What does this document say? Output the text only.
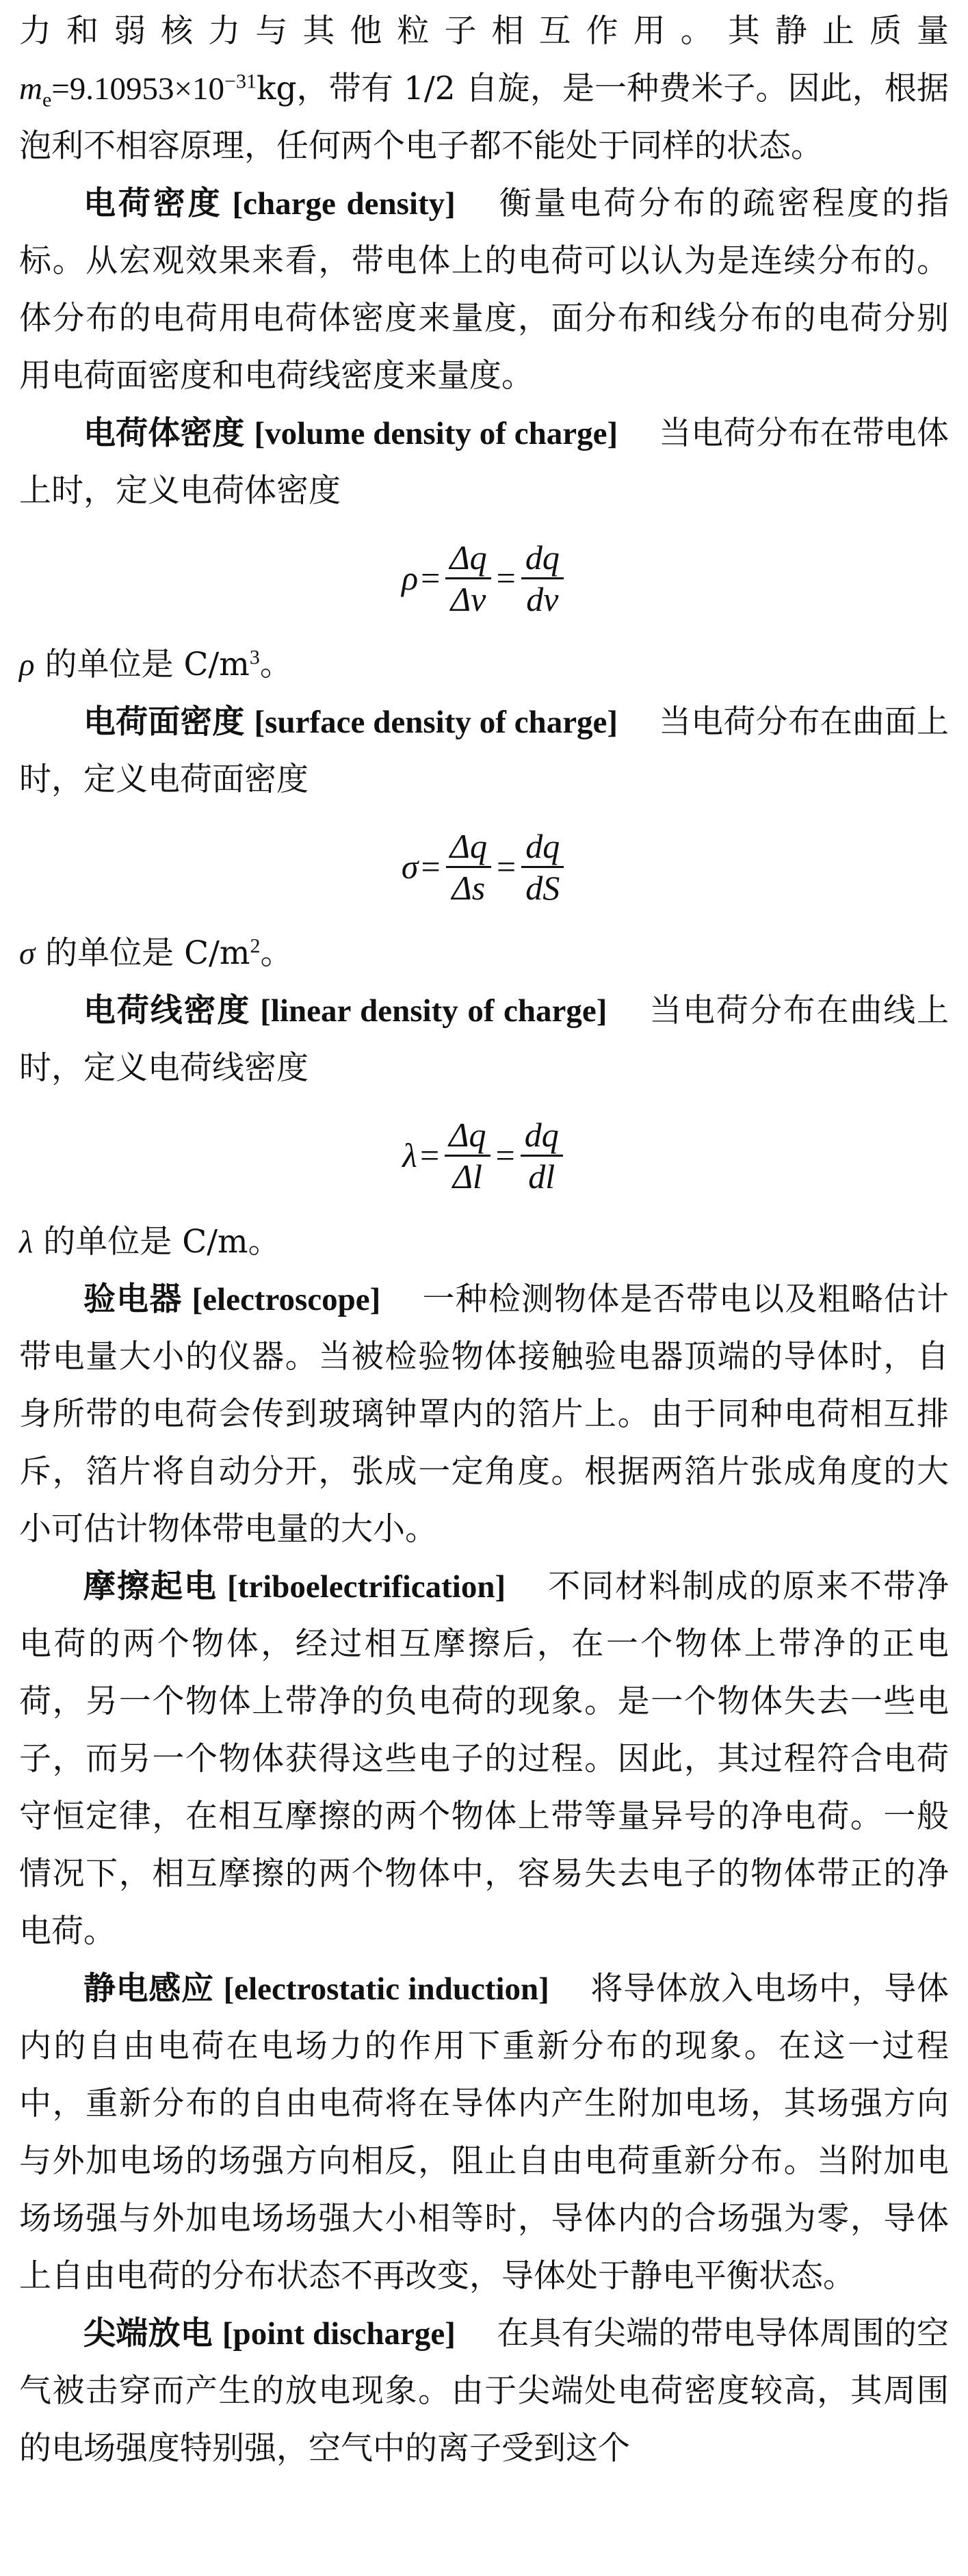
力和弱核力与其他粒子相互作用。其静止质量 $m_e=9.10953\times 10^{-31}kg$，带有 1/2 自旋，是一种费米子。因此，根据泡利不相容原理，任何两个电子都不能处于同样的状态。

电荷密度 [charge density] 衡量电荷分布的疏密程度的指标。从宏观效果来看，带电体上的电荷可以认为是连续分布的。体分布的电荷用电荷体密度来量度，面分布和线分布的电荷分别用电荷面密度和电荷线密度来量度。

电荷体密度 [volume density of charge] 当电荷分布在带电体上时，定义电荷体密度

$\rho = \frac{\Delta q}{\Delta v} = \frac{dq}{dv}$

ρ 的单位是 $C/m^3$。

电荷面密度 [surface density of charge] 当电荷分布在曲面上时，定义电荷面密度

$\sigma = \frac{\Delta q}{\Delta s} = \frac{dq}{dS}$

σ 的单位是 $C/m^2$。

电荷线密度 [linear density of charge] 当电荷分布在曲线上时，定义电荷线密度

$\lambda = \frac{\Delta q}{\Delta l} = \frac{dq}{dl}$

λ 的单位是 C/m。

验电器 [electroscope] 一种检测物体是否带电以及粗略估计带电量大小的仪器。当被检验物体接触验电器顶端的导体时，自身所带的电荷会传到玻璃钟罩内的箔片上。由于同种电荷相互排斥，箔片将自动分开，张成一定角度。根据两箔片张成角度的大小可估计物体带电量的大小。

摩擦起电 [triboelectrification] 不同材料制成的原来不带净电荷的两个物体，经过相互摩擦后，在一个物体上带净的正电荷，另一个物体上带净的负电荷的现象。是一个物体失去一些电子，而另一个物体获得这些电子的过程。因此，其过程符合电荷守恒定律，在相互摩擦的两个物体上带等量异号的净电荷。一般情况下，相互摩擦的两个物体中，容易失去电子的物体带正的净电荷。

静电感应 [electrostatic induction] 将导体放入电场中，导体内的自由电荷在电场力的作用下重新分布的现象。在这一过程中，重新分布的自由电荷将在导体内产生附加电场，其场强方向与外加电场的场强方向相反，阻止自由电荷重新分布。当附加电场场强与外加电场场强大小相等时，导体内的合场强为零，导体上自由电荷的分布状态不再改变，导体处于静电平衡状态。

尖端放电 [point discharge] 在具有尖端的带电导体周围的空气被击穿而产生的放电现象。由于尖端处电荷密度较高，其周围的电场强度特别强，空气中的离子受到这个
